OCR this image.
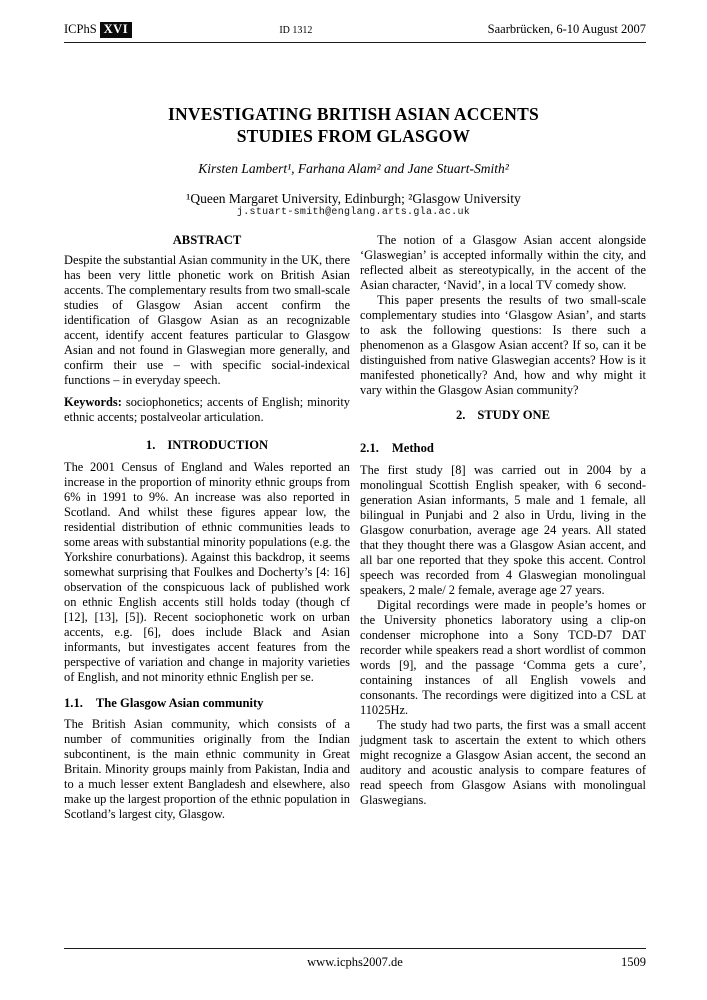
ICPhS XVI	ID 1312	Saarbrücken, 6-10 August 2007
INVESTIGATING BRITISH ASIAN ACCENTS
STUDIES FROM GLASGOW
Kirsten Lambert¹, Farhana Alam² and Jane Stuart-Smith²
¹Queen Margaret University, Edinburgh; ²Glasgow University
j.stuart-smith@englang.arts.gla.ac.uk
ABSTRACT

Despite the substantial Asian community in the UK, there has been very little phonetic work on British Asian accents. The complementary results from two small-scale studies of Glasgow Asian accent confirm the identification of Glasgow Asian as an recognizable accent, identify accent features particular to Glasgow Asian and not found in Glaswegian more generally, and confirm their use – with specific social-indexical functions – in everyday speech.

Keywords: sociophonetics; accents of English; minority ethnic accents; postalveolar articulation.

1. INTRODUCTION

The 2001 Census of England and Wales reported an increase in the proportion of minority ethnic groups from 6% in 1991 to 9%. An increase was also reported in Scotland. And whilst these figures appear low, the residential distribution of ethnic communities leads to some areas with substantial minority populations (e.g. the Yorkshire conurbations). Against this backdrop, it seems somewhat surprising that Foulkes and Docherty’s [4: 16] observation of the conspicuous lack of published work on ethnic English accents still holds today (though cf [12], [13], [5]). Recent sociophonetic work on urban accents, e.g. [6], does include Black and Asian informants, but investigates accent features from the perspective of variation and change in majority varieties of English, and not minority ethnic English per se.

1.1. The Glasgow Asian community

The British Asian community, which consists of a number of communities originally from the Indian subcontinent, is the main ethnic community in Great Britain. Minority groups mainly from Pakistan, India and to a much lesser extent Bangladesh and elsewhere, also make up the largest proportion of the ethnic population in Scotland’s largest city, Glasgow.

The notion of a Glasgow Asian accent alongside ‘Glaswegian’ is accepted informally within the city, and reflected albeit as stereotypically, in the accent of the Asian character, ‘Navid’, in a local TV comedy show.

This paper presents the results of two small-scale complementary studies into ‘Glasgow Asian’, and starts to ask the following questions: Is there such a phenomenon as a Glasgow Asian accent? If so, can it be distinguished from native Glaswegian accents? How is it manifested phonetically? And, how and why might it vary within the Glasgow Asian community?

2. STUDY ONE
2.1. Method

The first study [8] was carried out in 2004 by a monolingual Scottish English speaker, with 6 second-generation Asian informants, 5 male and 1 female, all bilingual in Punjabi and 2 also in Urdu, living in the Glasgow conurbation, average age 24 years. All stated that they thought there was a Glasgow Asian accent, and all bar one reported that they spoke this accent. Control speech was recorded from 4 Glaswegian monolingual speakers, 2 male/ 2 female, average age 27 years.

Digital recordings were made in people’s homes or the University phonetics laboratory using a clip-on condenser microphone into a Sony TCD-D7 DAT recorder while speakers read a short wordlist of common words [9], and the passage ‘Comma gets a cure’, containing instances of all English vowels and consonants. The recordings were digitized into a CSL at 11025Hz.

The study had two parts, the first was a small accent judgment task to ascertain the extent to which others might recognize a Glasgow Asian accent, the second an auditory and acoustic analysis to compare features of read speech from Glasgow Asians with monolingual Glaswegians.

www.icphs2007.de	1509
